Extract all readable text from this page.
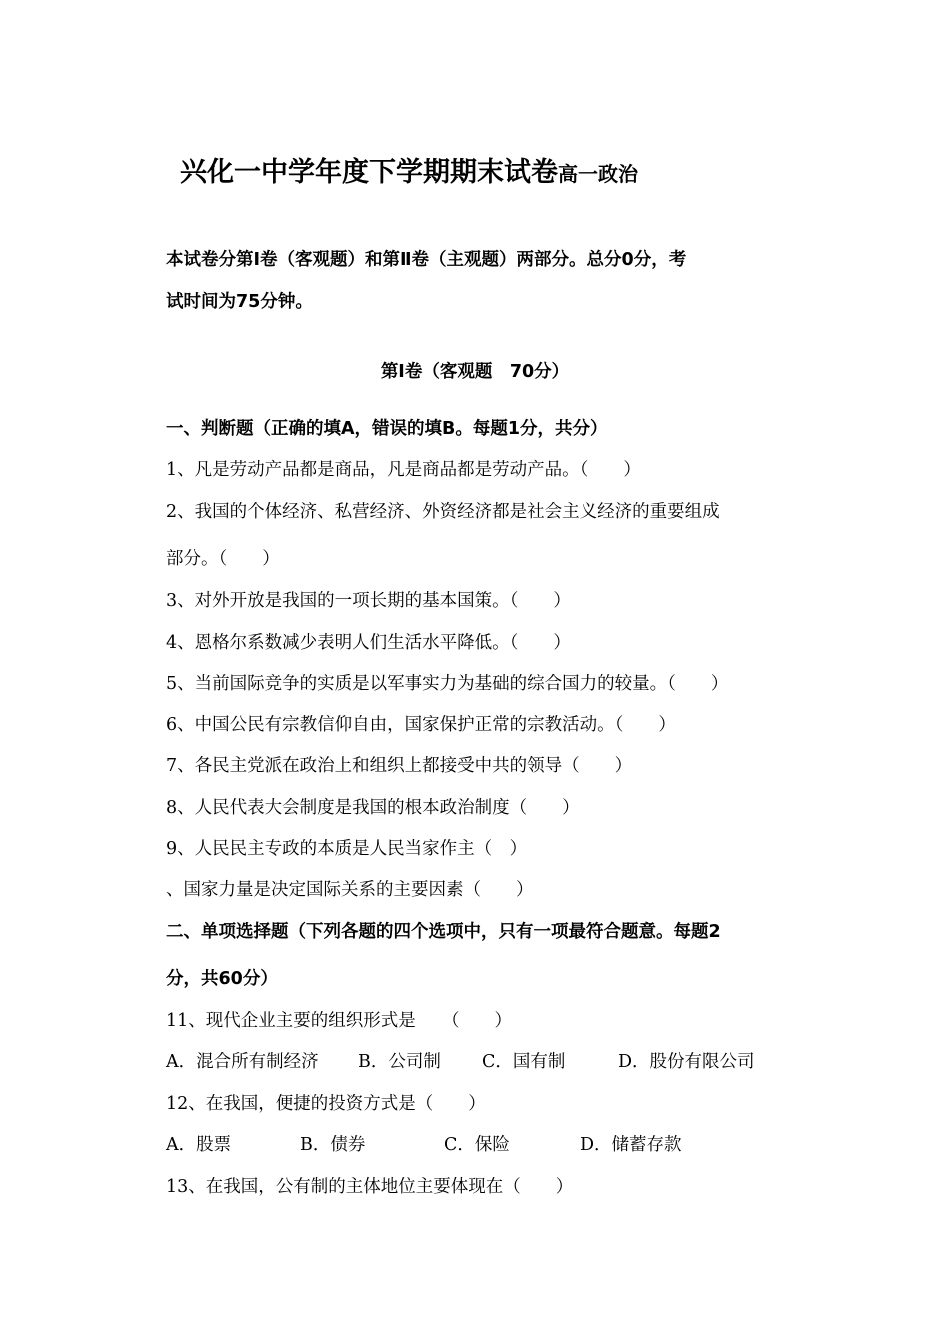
兴化一中学年度下学期期末试卷高一政治
本试卷分第Ⅰ卷（客观题）和第Ⅱ卷（主观题）两部分。总分0分，考
试时间为75分钟。
第Ⅰ卷（客观题　70分）
一、判断题（正确的填A，错误的填B。每题1分，共分）
1、凡是劳动产品都是商品，凡是商品都是劳动产品。（　　）
2、我国的个体经济、私营经济、外资经济都是社会主义经济的重要组成
部分。（　　）
3、对外开放是我国的一项长期的基本国策。（　　）
4、恩格尔系数减少表明人们生活水平降低。（　　）
5、当前国际竞争的实质是以军事实力为基础的综合国力的较量。（　　）
6、中国公民有宗教信仰自由，国家保护正常的宗教活动。（　　）
7、各民主党派在政治上和组织上都接受中共的领导（　　）
8、人民代表大会制度是我国的根本政治制度（　　）
9、人民民主专政的本质是人民当家作主（　）
、国家力量是决定国际关系的主要因素（　　）
二、单项选择题（下列各题的四个选项中，只有一项最符合题意。每题2
分，共60分）
11、现代企业主要的组织形式是　　（　　）
A．混合所有制经济 B．公司制 C．国有制	D．股份有限公司
12、在我国，便捷的投资方式是（　　）
A．股票	B．债券	C．保险	D．储蓄存款
13、在我国，公有制的主体地位主要体现在（　　）
